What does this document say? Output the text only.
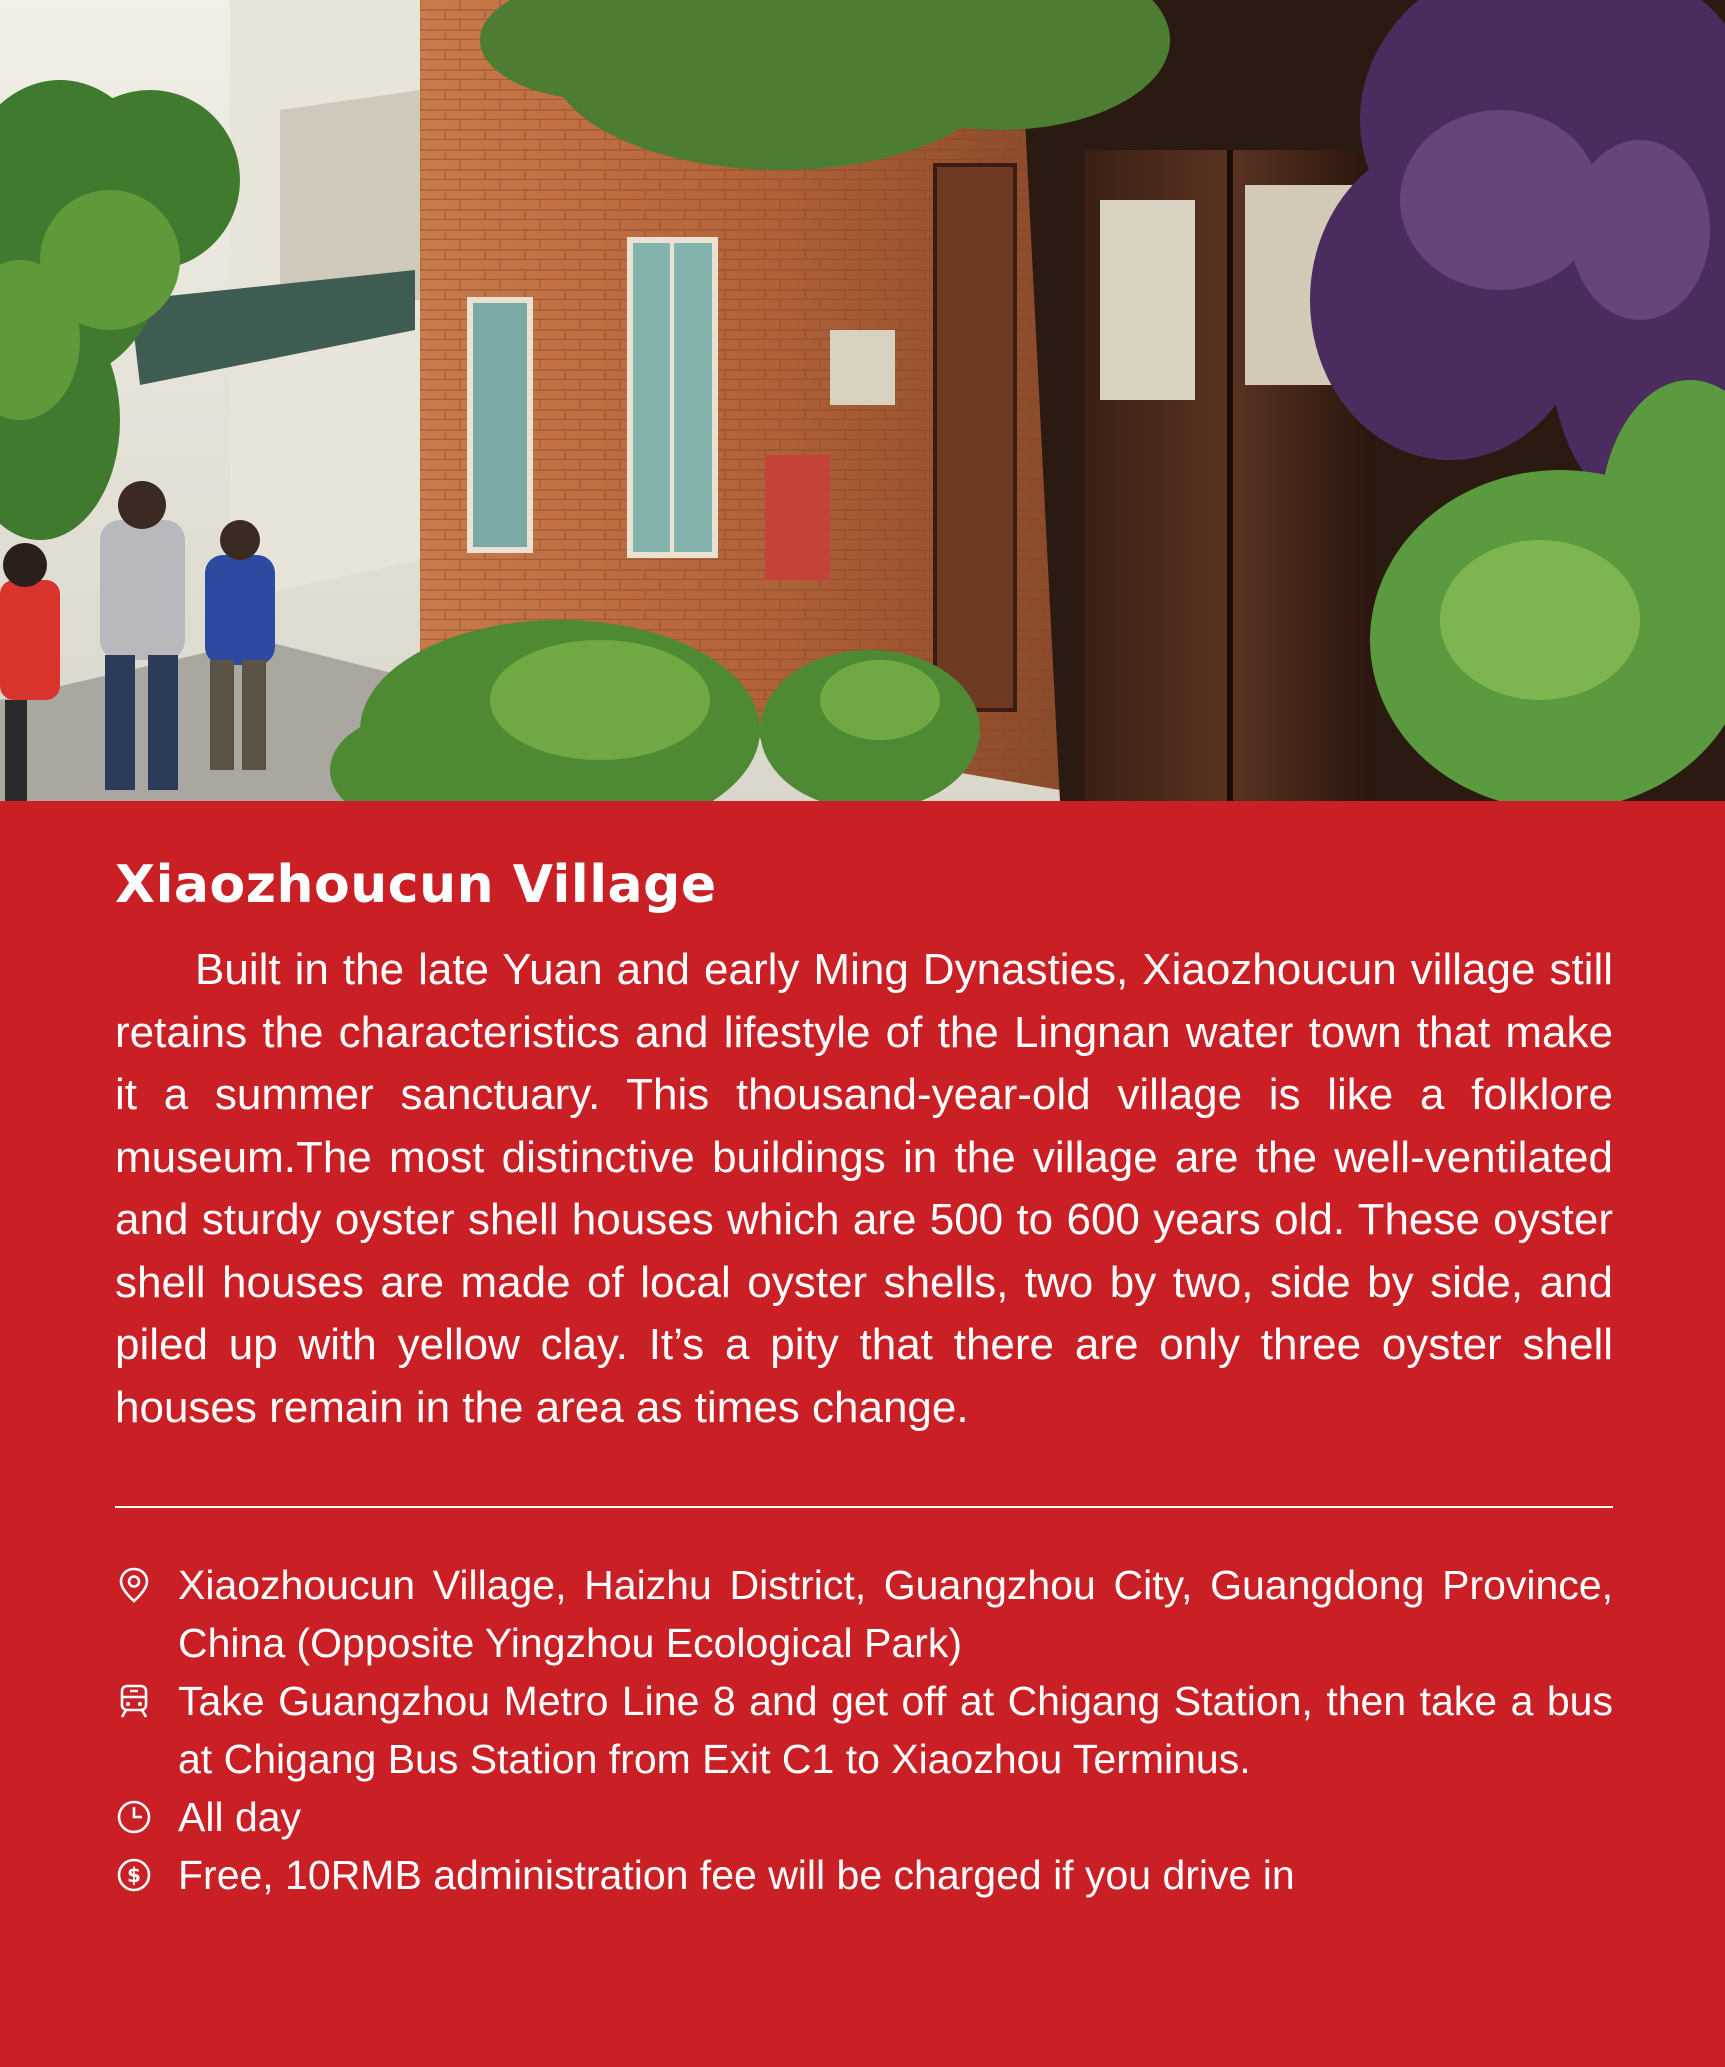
Xiaozhoucun Village

Built in the late Yuan and early Ming Dynasties, Xiaozhoucun village still retains the characteristics and lifestyle of the Lingnan water town that make it a summer sanctuary. This thousand-year-old village is like a folklore museum.The most distinctive buildings in the village are the well-ventilated and sturdy oyster shell houses which are 500 to 600 years old. These oyster shell houses are made of local oyster shells, two by two, side by side, and piled up with yellow clay. It’s a pity that there are only three oyster shell houses remain in the area as times change.

Xiaozhoucun Village, Haizhu District, Guangzhou City, Guangdong Province, China (Opposite Yingzhou Ecological Park)
Take Guangzhou Metro Line 8 and get off at Chigang Station, then take a bus at Chigang Bus Station from Exit C1 to Xiaozhou Terminus.
All day
$ Free, 10RMB administration fee will be charged if you drive in
